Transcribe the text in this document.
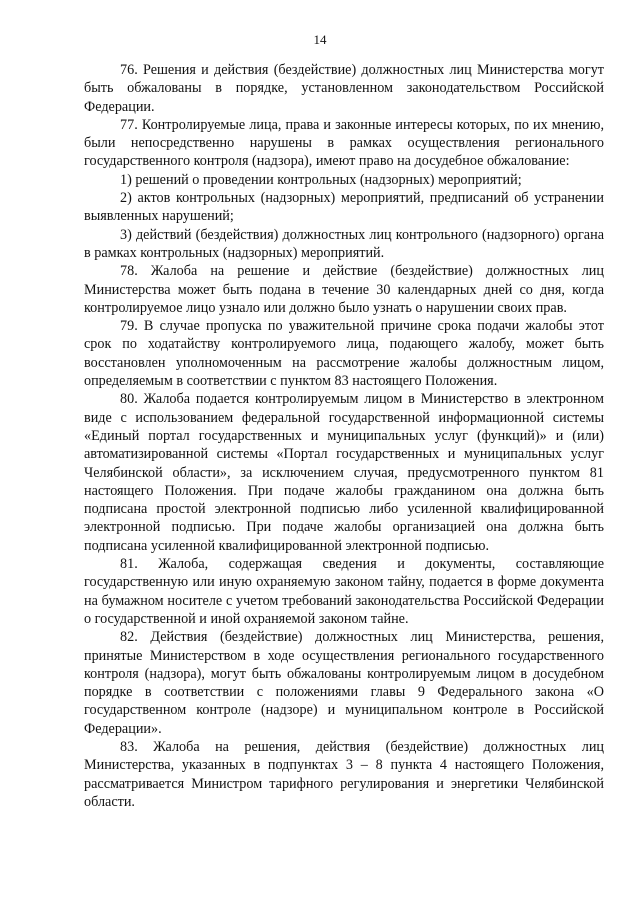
14

76. Решения и действия (бездействие) должностных лиц Министерства могут быть обжалованы в порядке, установленном законодательством Российской Федерации.

77. Контролируемые лица, права и законные интересы которых, по их мнению, были непосредственно нарушены в рамках осуществления регионального государственного контроля (надзора), имеют право на досудебное обжалование:

1) решений о проведении контрольных (надзорных) мероприятий;

2) актов контрольных (надзорных) мероприятий, предписаний об устранении выявленных нарушений;

3) действий (бездействия) должностных лиц контрольного (надзорного) органа в рамках контрольных (надзорных) мероприятий.

78. Жалоба на решение и действие (бездействие) должностных лиц Министерства может быть подана в течение 30 календарных дней со дня, когда контролируемое лицо узнало или должно было узнать о нарушении своих прав.

79. В случае пропуска по уважительной причине срока подачи жалобы этот срок по ходатайству контролируемого лица, подающего жалобу, может быть восстановлен уполномоченным на рассмотрение жалобы должностным лицом, определяемым в соответствии с пунктом 83 настоящего Положения.

80. Жалоба подается контролируемым лицом в Министерство в электронном виде с использованием федеральной государственной информационной системы «Единый портал государственных и муниципальных услуг (функций)» и (или) автоматизированной системы «Портал государственных и муниципальных услуг Челябинской области», за исключением случая, предусмотренного пунктом 81 настоящего Положения. При подаче жалобы гражданином она должна быть подписана простой электронной подписью либо усиленной квалифицированной электронной подписью. При подаче жалобы организацией она должна быть подписана усиленной квалифицированной электронной подписью.

81. Жалоба, содержащая сведения и документы, составляющие государственную или иную охраняемую законом тайну, подается в форме документа на бумажном носителе с учетом требований законодательства Российской Федерации о государственной и иной охраняемой законом тайне.

82. Действия (бездействие) должностных лиц Министерства, решения, принятые Министерством в ходе осуществления регионального государственного контроля (надзора), могут быть обжалованы контролируемым лицом в досудебном порядке в соответствии с положениями главы 9 Федерального закона «О государственном контроле (надзоре) и муниципальном контроле в Российской Федерации».

83. Жалоба на решения, действия (бездействие) должностных лиц Министерства, указанных в подпунктах 3 – 8 пункта 4 настоящего Положения, рассматривается Министром тарифного регулирования и энергетики Челябинской области.
